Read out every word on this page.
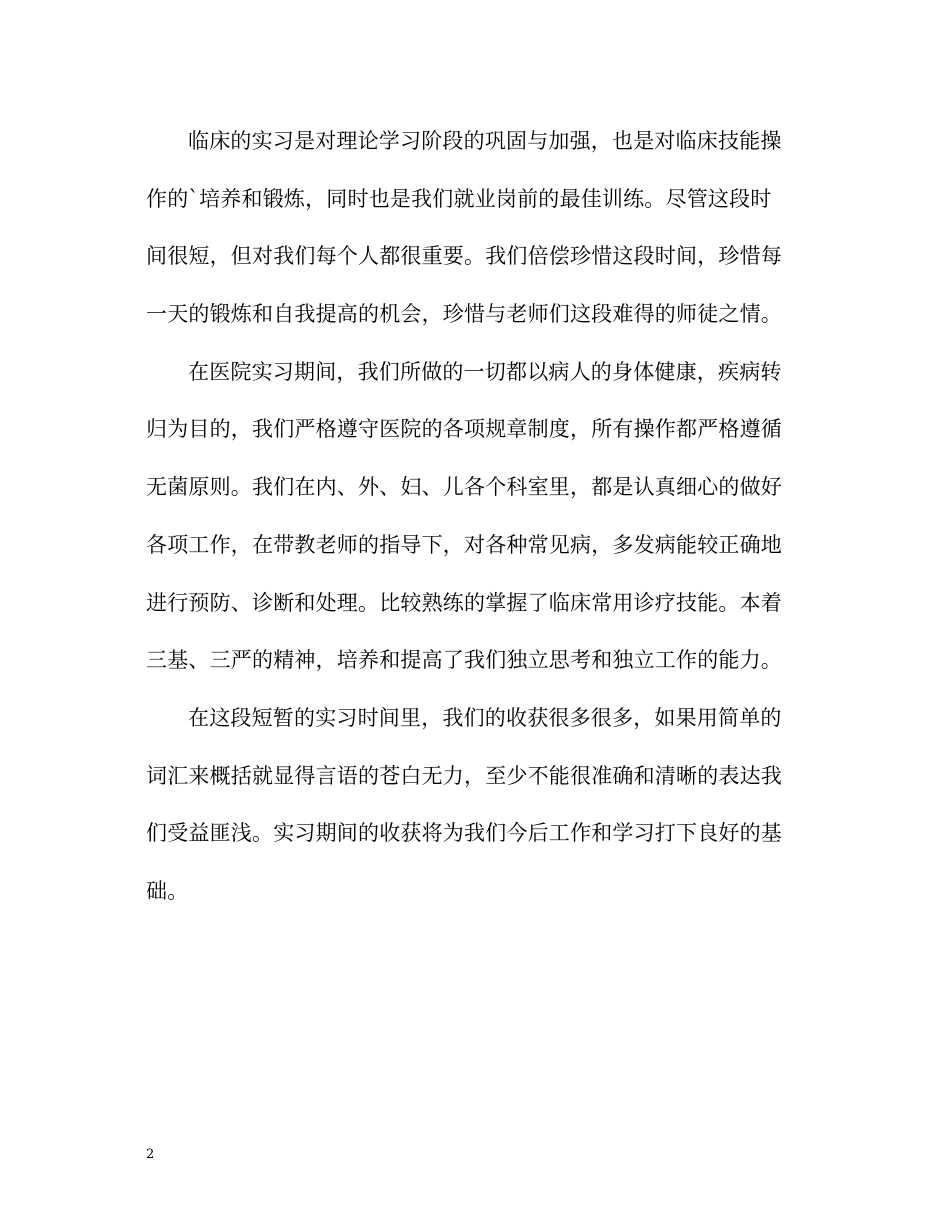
临床的实习是对理论学习阶段的巩固与加强，也是对临床技能操
作的`培养和锻炼，同时也是我们就业岗前的最佳训练。尽管这段时
间很短，但对我们每个人都很重要。我们倍偿珍惜这段时间，珍惜每
一天的锻炼和自我提高的机会，珍惜与老师们这段难得的师徒之情。
在医院实习期间，我们所做的一切都以病人的身体健康，疾病转
归为目的，我们严格遵守医院的各项规章制度，所有操作都严格遵循
无菌原则。我们在内、外、妇、儿各个科室里，都是认真细心的做好
各项工作，在带教老师的指导下，对各种常见病，多发病能较正确地
进行预防、诊断和处理。比较熟练的掌握了临床常用诊疗技能。本着
三基、三严的精神，培养和提高了我们独立思考和独立工作的能力。
在这段短暂的实习时间里，我们的收获很多很多，如果用简单的
词汇来概括就显得言语的苍白无力，至少不能很准确和清晰的表达我
们受益匪浅。实习期间的收获将为我们今后工作和学习打下良好的基
础。
2
